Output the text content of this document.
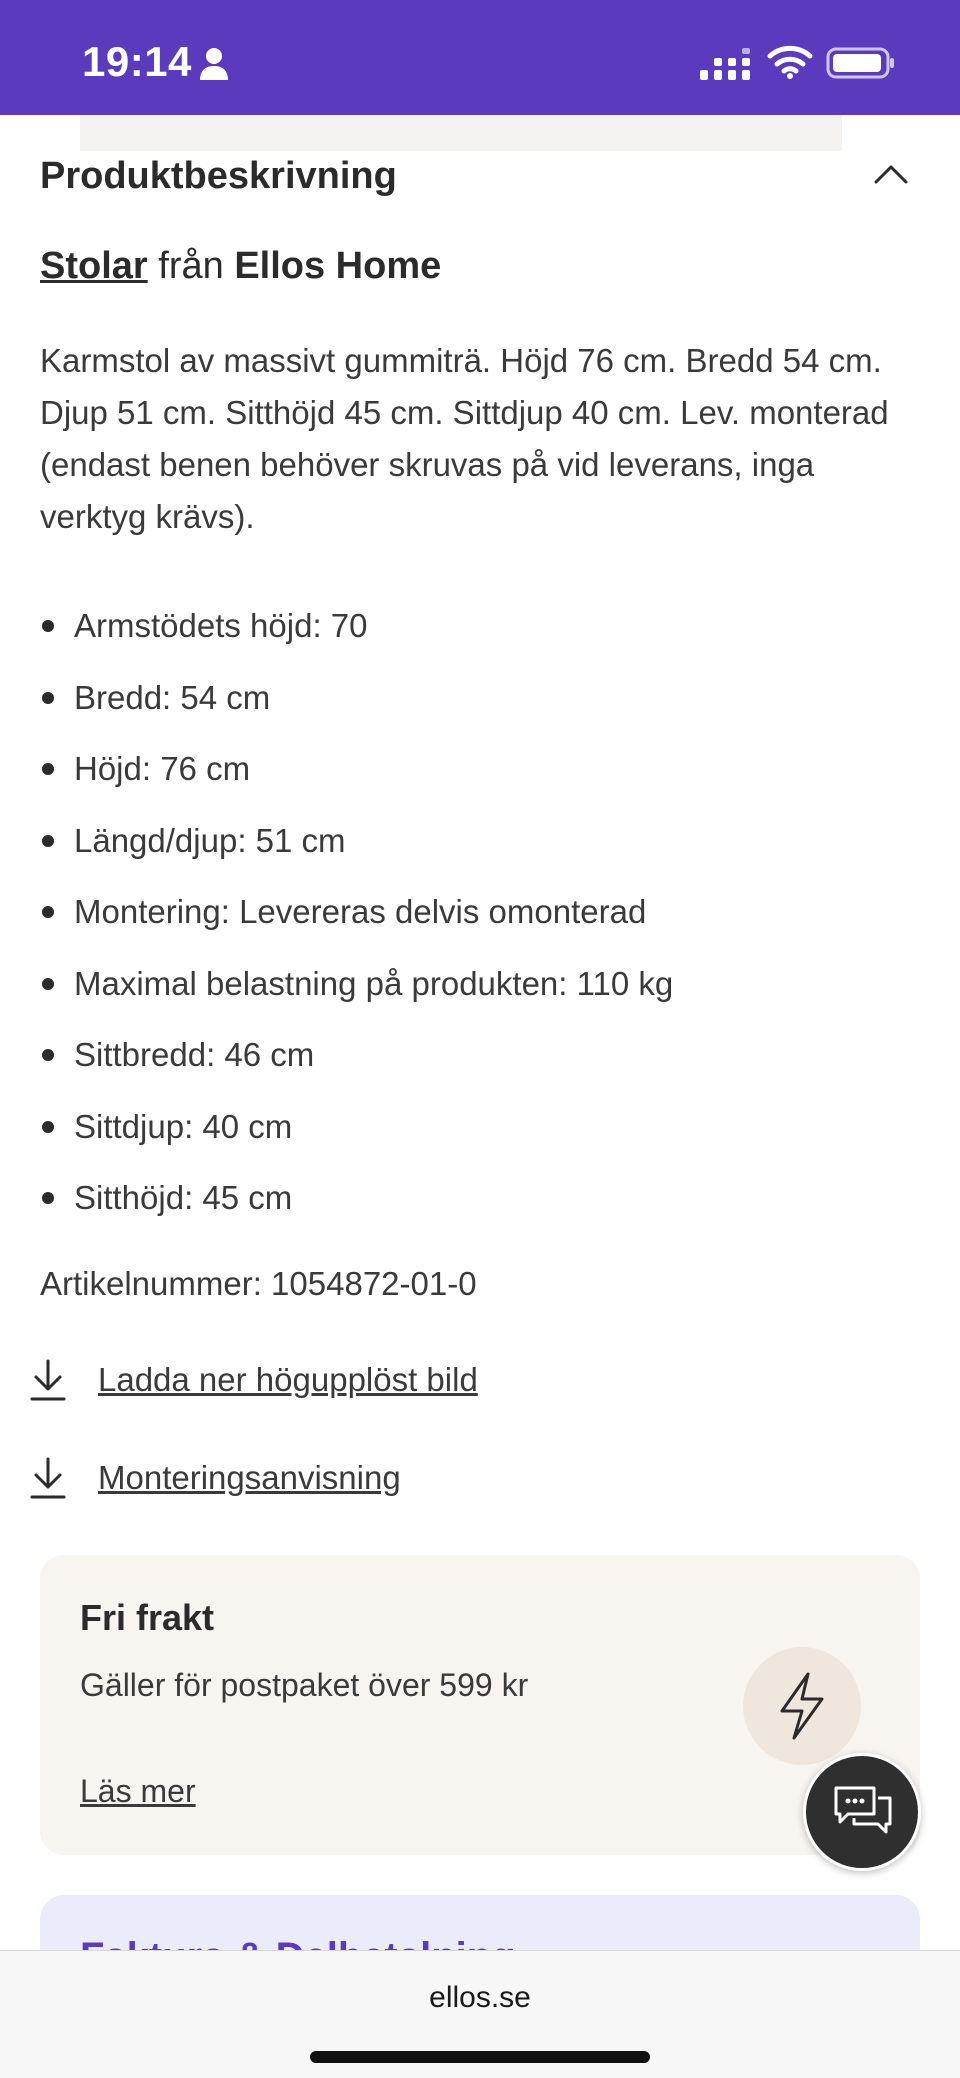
19:14
Produktbeskrivning
Stolar från Ellos Home

Karmstol av massivt gummiträ. Höjd 76 cm. Bredd 54 cm. Djup 51 cm. Sitthöjd 45 cm. Sittdjup 40 cm. Lev. monterad (endast benen behöver skruvas på vid leverans, inga verktyg krävs).

Armstödets höjd: 70
Bredd: 54 cm
Höjd: 76 cm
Längd/djup: 51 cm
Montering: Levereras delvis omonterad
Maximal belastning på produkten: 110 kg
Sittbredd: 46 cm
Sittdjup: 40 cm
Sitthöjd: 45 cm
Artikelnummer: 1054872-01-0
Ladda ner högupplöst bild
Monteringsanvisning
Fri frakt
Gäller för postpaket över 599 kr
Läs mer
ellos.se
